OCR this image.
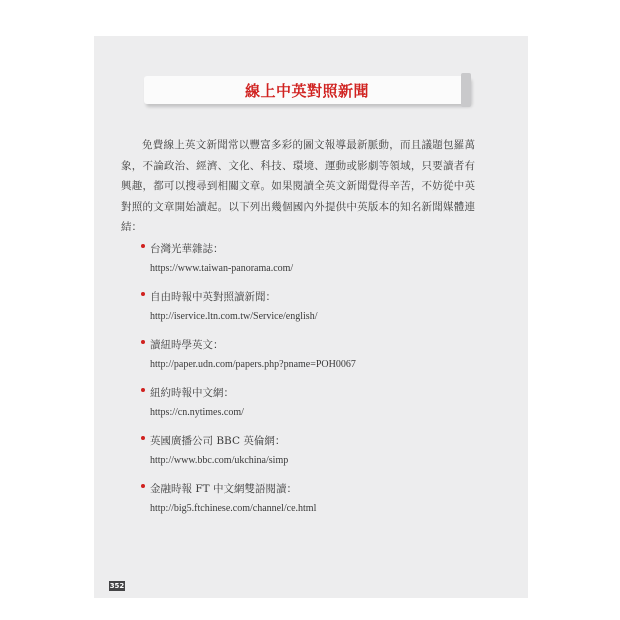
線上中英對照新聞

免費線上英文新聞常以豐富多彩的圖文報導最新脈動，而且議題包羅萬象，不論政治、經濟、文化、科技、環境、運動或影劇等領域，只要讀者有興趣，都可以搜尋到相關文章。如果閱讀全英文新聞覺得辛苦，不妨從中英對照的文章開始讀起。以下列出幾個國內外提供中英版本的知名新聞媒體連結：

台灣光華雜誌：
https://www.taiwan-panorama.com/
自由時報中英對照讀新聞：
http://iservice.ltn.com.tw/Service/english/
讀紐時學英文：
http://paper.udn.com/papers.php?pname=POH0067
紐約時報中文網：
https://cn.nytimes.com/
英國廣播公司 BBC 英倫網：
http://www.bbc.com/ukchina/simp
金融時報 FT 中文網雙語閱讀：
http://big5.ftchinese.com/channel/ce.html
352
